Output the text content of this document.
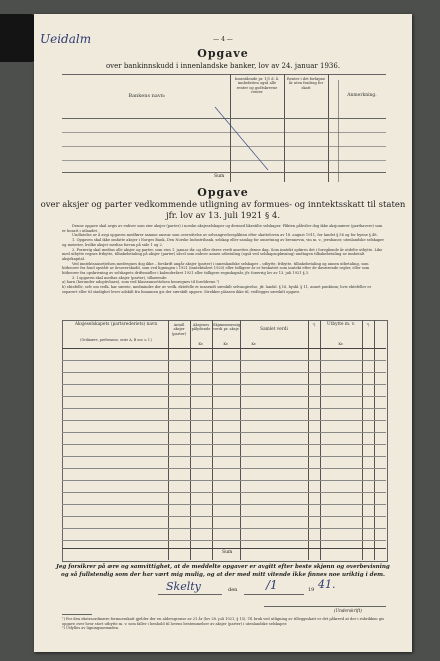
Ueidalm	— 4 —
Opgave
over bankinnskudd i innenlandske banker, lov av 24. januar 1936.
Bankens navn:
Innestående pr. 1/1 d. å. innbefatten også alle renter og godtskrevne renter
Renter i det forløpne år uten fradrag for skatt
Anmerkning.
Sum
Opgave
over aksjer og parter vedkommende utligning av formues- og inntektsskatt til staten
jfr. lov av 13. juli 1921 § 4.
Denne opgave skal avgis av enhver som eier aksjer (parter) i norske aksjeselskaper og dermed likestilte selskaper. Plikten påhviler dog ikke aksjonærer (parthavere) som er bosatt i utlandet.
Undlatelse av å avgi opgaven medfører samme ansvar som oversittelse av selvangivelsesplikten efter skatteloven av 18. august 1911, for landet § 56 og for byene § 48.
1. Opgaven skal ikke omfatte aksjer i Norges Bank, Den Norske Industribank, selskap eller samlag for omsetning av brennevin, vin m. v., jernbaner, utenlandske selskaper og meierier, hvilke aksjer medtas forran på side 1 og 2.
2. Forøvrig skal medtas alle aksjer og parter, som eies 1. januar iår, og eller deres verdi ansettes denne dag. Som inntekt opføres det i foregående år utdelte utbytte. Like med utbytte regnes fribytte, tilbakebetaling på aksjer (parter) såvel som enhver annen utbetaling (også ved selskapsopløsning) undtagen tilbakebetaling av innbetalt aksjekapital.
Ved inntektsansettelsen medregnes dog ikke – forskrift angår aksjer (parter) i innenlandske selskaper – utbytte, fribytte, tilbakebetaling og annen utbetaling, som hitbeorer fra fond opstått av årsoverskudd, som ved ligningen i 1921 (inntektsåret 1920) eller tidligere år er beskattet som inntekt efter de daværende regler, eller som hitbeorer fra opskrivning av selskapets driftsmidler i kalenderåret 1921 eller tidligere regnskapsår, jfr. forøvrig lov av 13. juli 1921 § 3.
3. I opgaven skal medtas aksjer (parter), tilhørende:
a) barn (herunder adoptivbarn), som ved klasseansettelsen henregnes til foreldrene.¹)
b) ektefelle, selv om vedk. har særeie, medmindre der av vedk. ektefelle er innsendt særskilt selvangivelse, jfr. landsl. § 16, byskl. § 11, annet punktum; hvis ektefeller er separert eller til stadighet lever adskilt fra hinannen gis der særskilt opgave. Strekker plassen ikke til, vedlegges særskilt opgave.
Aksjeselskapets (partsrederiets) navn
(Ordinære, preferanse, serie A, B osv. o. l.)
Antall aksjer (parter)
Aksjenes pålydende
Kr.
Skjønnsmessig verdi pr. aksje
Kr.
Samlet verdi
Kr.
²)	Utbytte m. v.
Kr.
²)
Sum
Jeg forsikrer på ære og samvittighet, at de meddelte opgaver er avgitt efter beste skjønn og overbevisning
og så fullstendig som der har vært mig mulig, og at der med mitt vitende ikke finnes noe uriktig i dem.
Skelty	den /1	19 41.
(Underskrift)
¹) For den ekstraordinære formuesskatt gjelder der en aldersgrense av 21 år (lov 28. juli 1921, § 15). Til bruk ved utligning av tilleggsskatt er det påkrevd at der i rubrikken gis opgave over hvor stort utbytte m. v. som faller i henhold til lovens bestemmelser av aksjer (parter) i utenlandske selskaper.
²) Utfylles av ligningsnemnden.
